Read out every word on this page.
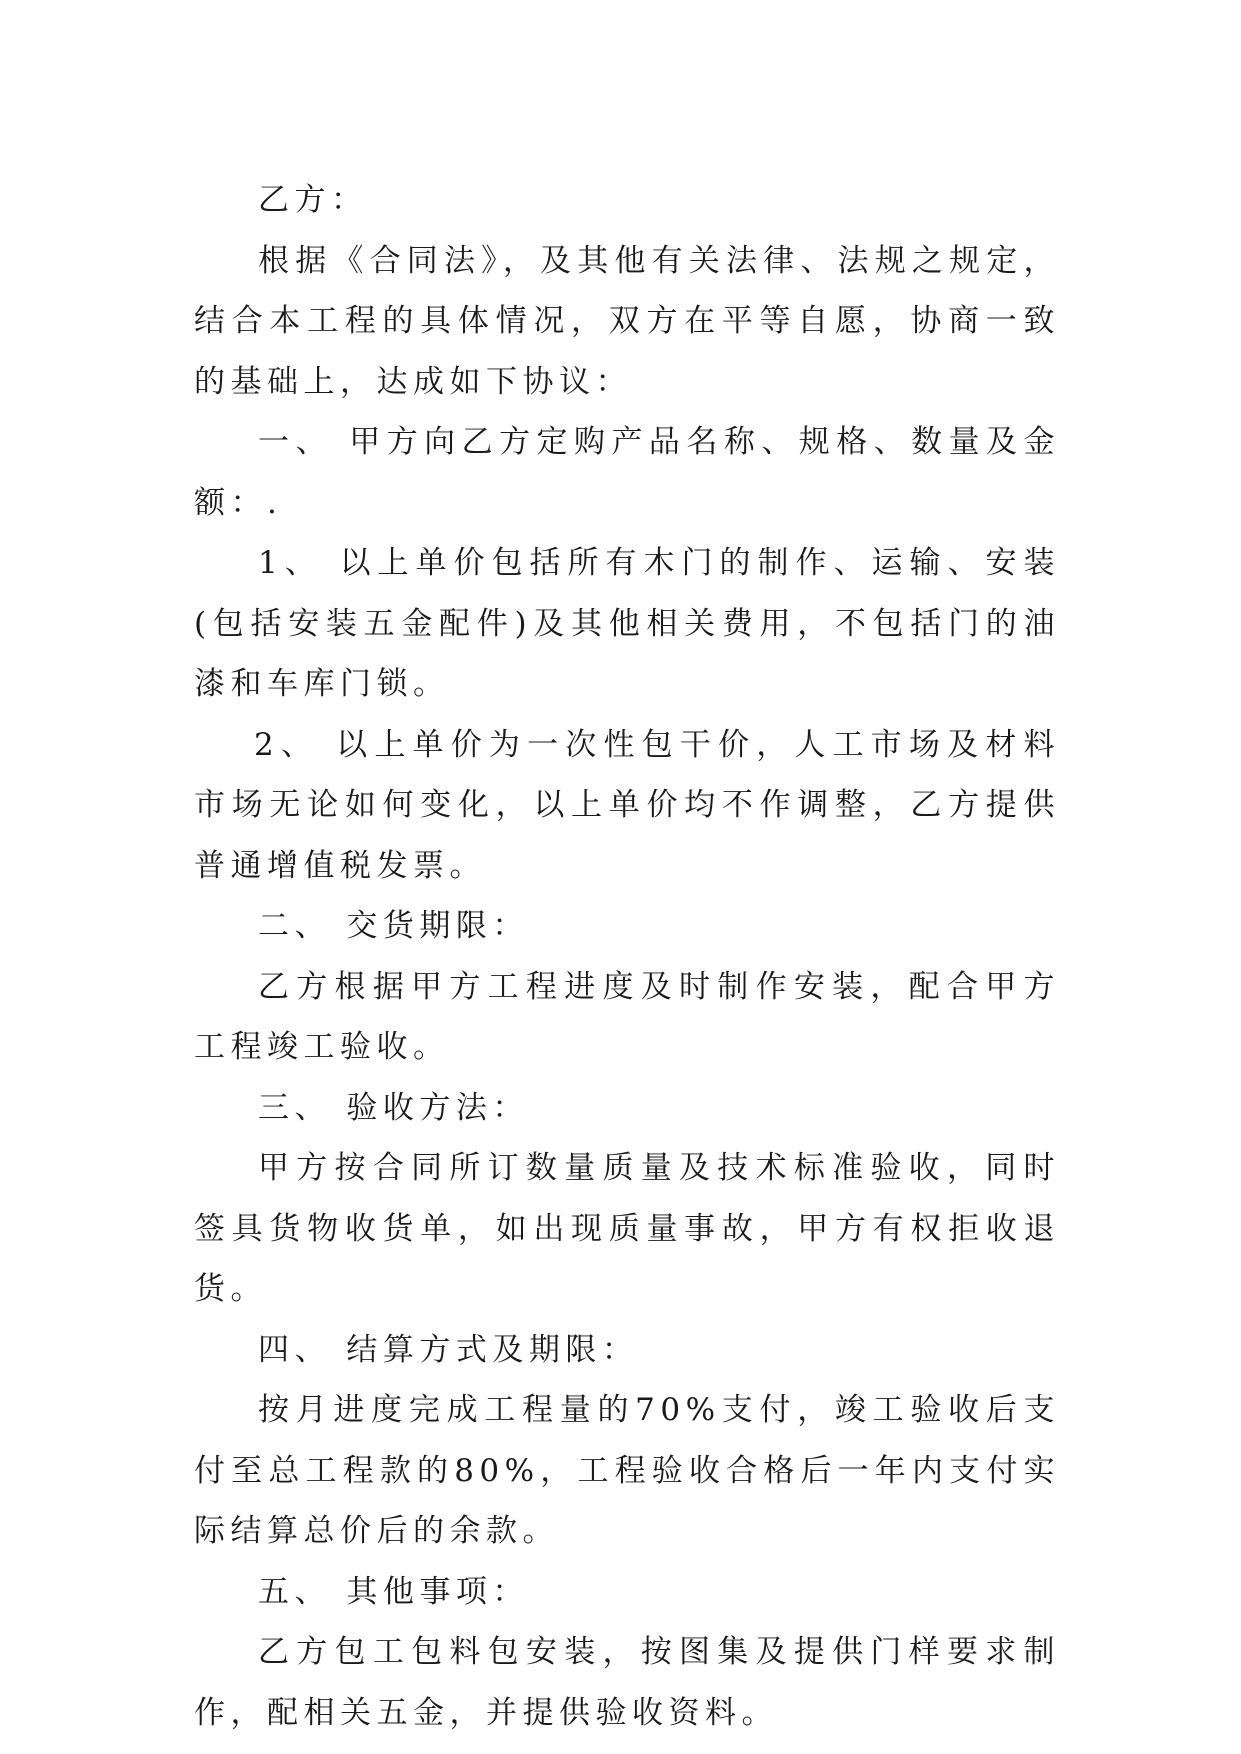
乙方：

根据《合同法》，及其他有关法律、法规之规定，结合本工程的具体情况，双方在平等自愿，协商一致的基础上，达成如下协议：

一、 甲方向乙方定购产品名称、规格、数量及金额：.

1、 以上单价包括所有木门的制作、运输、安装(包括安装五金配件)及其他相关费用，不包括门的油漆和车库门锁。

2、 以上单价为一次性包干价，人工市场及材料市场无论如何变化，以上单价均不作调整，乙方提供普通增值税发票。

二、 交货期限：

乙方根据甲方工程进度及时制作安装，配合甲方工程竣工验收。

三、 验收方法：

甲方按合同所订数量质量及技术标准验收，同时签具货物收货单，如出现质量事故，甲方有权拒收退货。

四、 结算方式及期限：

按月进度完成工程量的70%支付，竣工验收后支付至总工程款的80%，工程验收合格后一年内支付实际结算总价后的余款。

五、 其他事项：

乙方包工包料包安装，按图集及提供门样要求制作，配相关五金，并提供验收资料。
